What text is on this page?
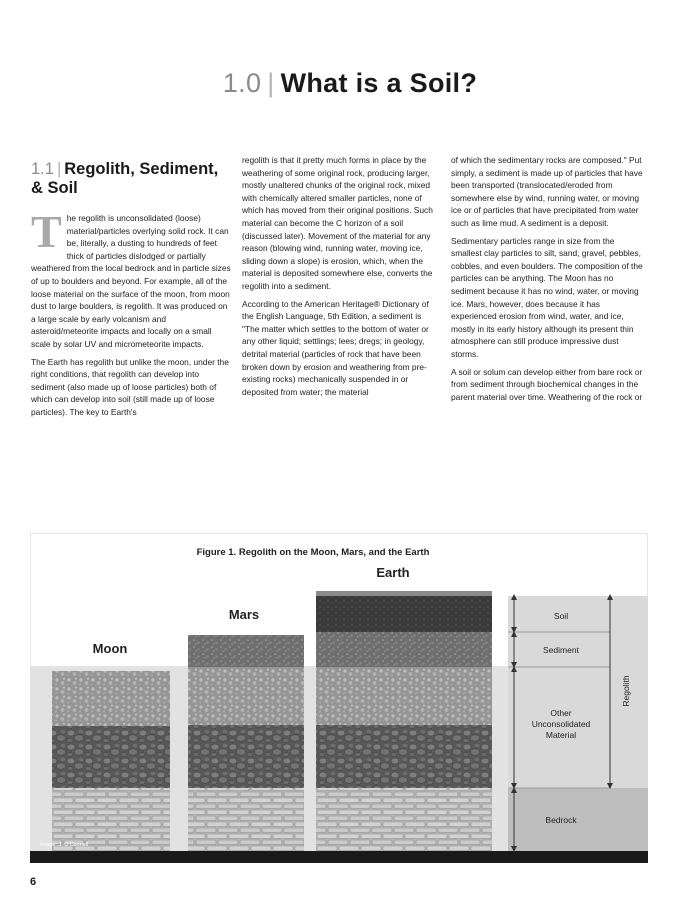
1.0 | What is a Soil?
1.1 | Regolith, Sediment, & Soil

The regolith is unconsolidated (loose) material/particles overlying solid rock. It can be, literally, a dusting to hundreds of feet thick of particles dislodged or partially weathered from the local bedrock and in particle sizes of up to boulders and beyond. For example, all of the loose material on the surface of the moon, from moon dust to large boulders, is regolith. It was produced on a large scale by early volcanism and asteroid/meteorite impacts and locally on a small scale by solar UV and micrometeorite impacts.

The Earth has regolith but unlike the moon, under the right conditions, that regolith can develop into sediment (also made up of loose particles) both of which can develop into soil (still made up of loose particles). The key to Earth's

regolith is that it pretty much forms in place by the weathering of some original rock, producing larger, mostly unaltered chunks of the original rock, mixed with chemically altered smaller particles, none of which has moved from their original positions. Such material can become the C horizon of a soil (discussed later). Movement of the material for any reason (blowing wind, running water, moving ice, sliding down a slope) is erosion, which, when the material is deposited somewhere else, converts the regolith into a sediment.

According to the American Heritage® Dictionary of the English Language, 5th Edition, a sediment is "The matter which settles to the bottom of water or any other liquid; settlings; lees; dregs; in geology, detrital material (particles of rock that have been broken down by erosion and weathering from pre-existing rocks) mechanically suspended in or deposited from water; the material

of which the sedimentary rocks are composed." Put simply, a sediment is made up of particles that have been transported (translocated/eroded from somewhere else by wind, running water, or moving ice or of particles that have precipitated from water such as lime mud. A sediment is a deposit.

Sedimentary particles range in size from the smallest clay particles to silt, sand, gravel, pebbles, cobbles, and even boulders. The composition of the particles can be anything. The Moon has no sediment because it has no wind, water, or moving ice. Mars, however, does because it has experienced erosion from wind, water, and ice, mostly in its early history although its present thin atmosphere can still produce impressive dust storms.

A soil or solum can develop either from bare rock or from sediment through biochemical changes in the parent material over time. Weathering of the rock or

Figure 1. Regolith on the Moon, Mars, and the Earth
Moon
Mars
Earth
Soil
Sediment
Other
Unconsolidated
Material
Bedrock
Regolith
Image: J. O'Connell
6
